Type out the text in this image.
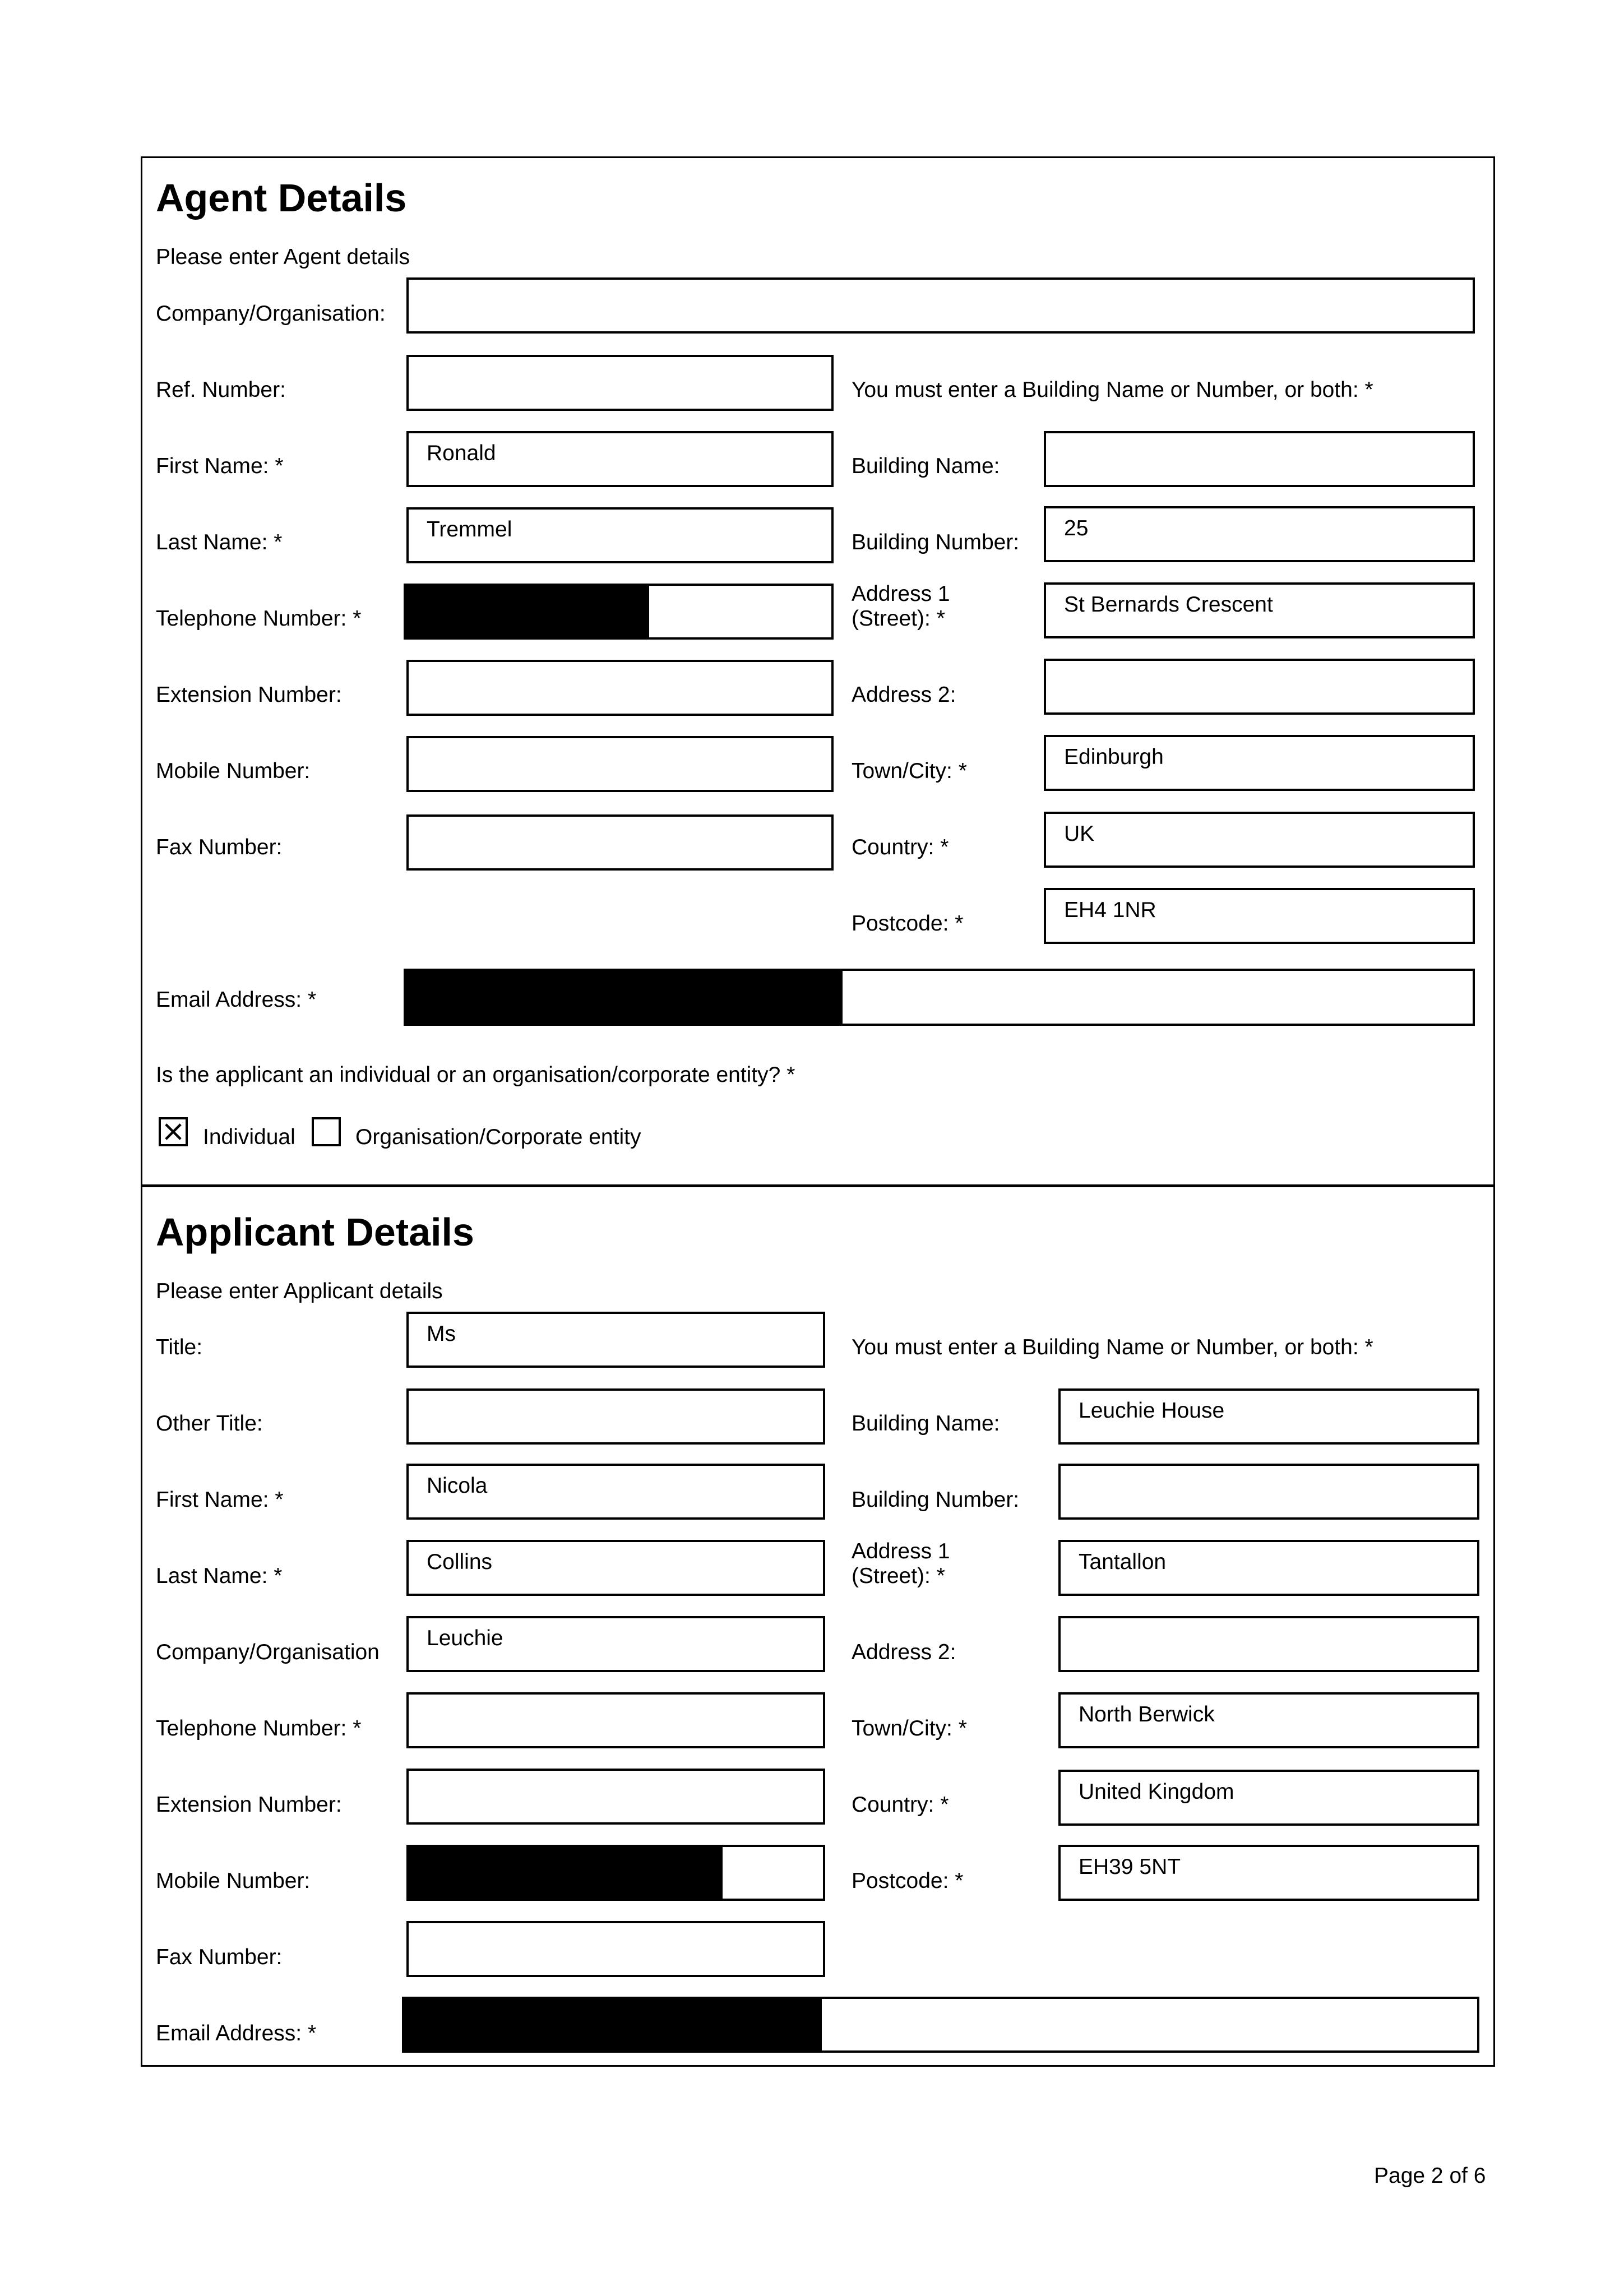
Agent Details
Please enter Agent details
Company/Organisation:
Ref. Number:
First Name: *
Last Name: *
Telephone Number: *
Extension Number:
Mobile Number:
Fax Number:
Email Address: *
Ronald
Tremmel
You must enter a Building Name or Number, or both: *
Building Name:
Building Number:
Address 1
(Street): *
Address 2:
Town/City: *
Country: *
Postcode: *
25
St Bernards Crescent
Edinburgh
UK
EH4 1NR
Is the applicant an individual or an organisation/corporate entity? *
Individual	Organisation/Corporate entity
Applicant Details
Please enter Applicant details
Title:
Other Title:
First Name: *
Last Name: *
Company/Organisation
Telephone Number: *
Extension Number:
Mobile Number:
Fax Number:
Email Address: *
Ms
Nicola
Collins
Leuchie
You must enter a Building Name or Number, or both: *
Building Name:
Building Number:
Address 1
(Street): *
Address 2:
Town/City: *
Country: *
Postcode: *
Leuchie House
Tantallon
North Berwick
United Kingdom
EH39 5NT
Page 2 of 6
